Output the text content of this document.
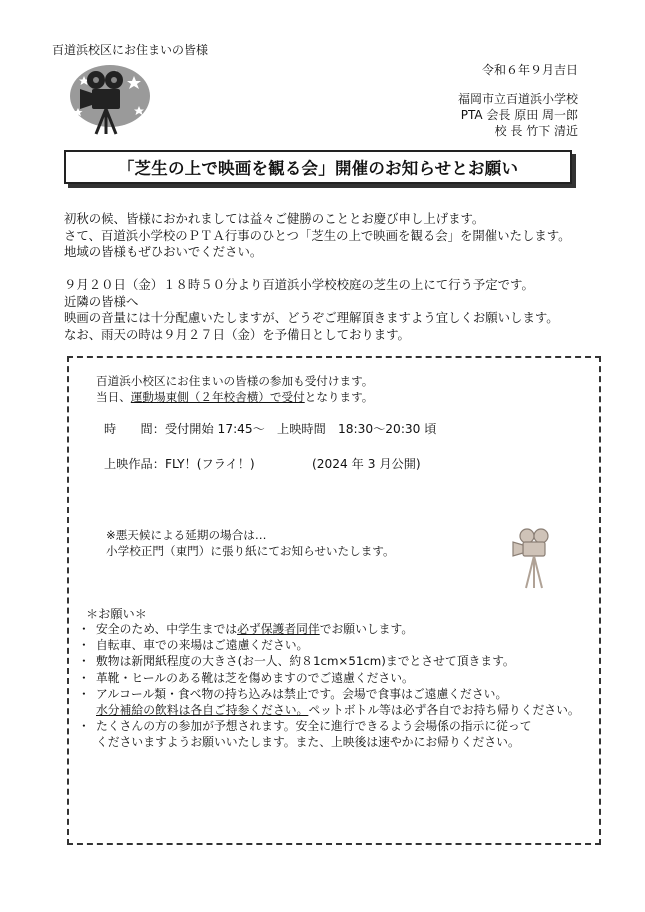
百道浜校区にお住まいの皆様
令和６年９月吉日
福岡市立百道浜小学校
PTA 会長 原田 周一郎
校 長 竹下 清近
「芝生の上で映画を観る会」開催のお知らせとお願い
初秋の候、皆様におかれましては益々ご健勝のこととお慶び申し上げます。
さて、百道浜小学校のＰＴＡ行事のひとつ「芝生の上で映画を観る会」を開催いたします。
地域の皆様もぜひおいでください。
９月２０日（金）１８時５０分より百道浜小学校校庭の芝生の上にて行う予定です。
近隣の皆様へ
映画の音量には十分配慮いたしますが、どうぞご理解頂きますよう宜しくお願いします。
なお、雨天の時は９月２７日（金）を予備日としております。
百道浜小校区にお住まいの皆様の参加も受付けます。
当日、運動場東側（２年校舎横）で受付となります。
時　　間：受付開始 17:45～　上映時間　18:30～20:30 頃
上映作品：FLY！(フライ！)	(2024 年 3 月公開)
※悪天候による延期の場合は…
小学校正門（東門）に張り紙にてお知らせいたします。
＊お願い＊
・ 安全のため、中学生までは必ず保護者同伴でお願いします。
・ 自転車、車での来場はご遠慮ください。
・ 敷物は新聞紙程度の大きさ(お一人、約８1cm×51cm)までとさせて頂きます。
・ 革靴・ヒールのある靴は芝を傷めますのでご遠慮ください。
・ アルコール類・食べ物の持ち込みは禁止です。会場で食事はご遠慮ください。
水分補給の飲料は各自ご持参ください。ペットボトル等は必ず各自でお持ち帰りください。
・ たくさんの方の参加が予想されます。安全に進行できるよう会場係の指示に従って
くださいますようお願いいたします。また、上映後は速やかにお帰りください。
